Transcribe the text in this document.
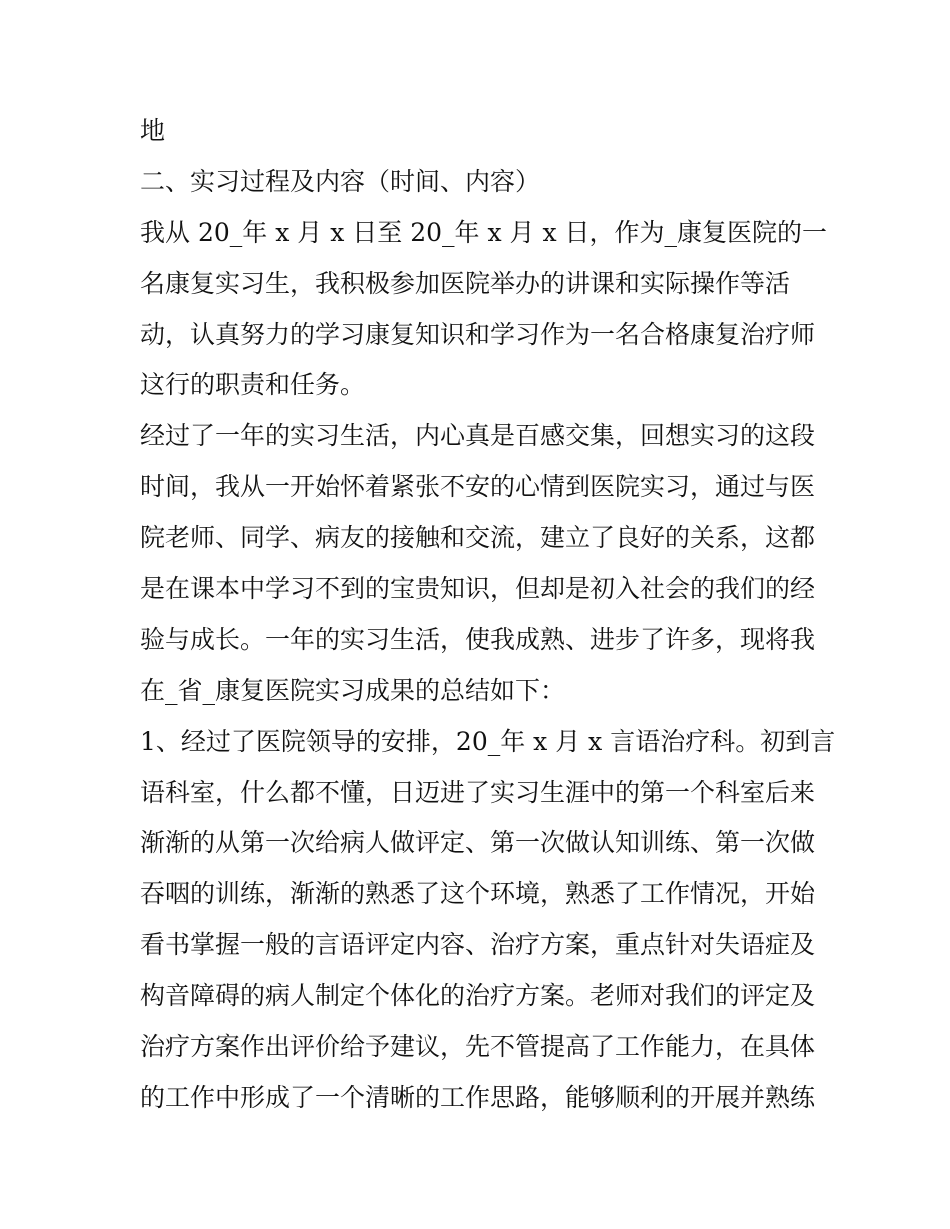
地
二、实习过程及内容（时间、内容）
我从 20_年 x 月 x 日至 20_年 x 月 x 日，作为_康复医院的一
名康复实习生，我积极参加医院举办的讲课和实际操作等活
动，认真努力的学习康复知识和学习作为一名合格康复治疗师
这行的职责和任务。
经过了一年的实习生活，内心真是百感交集，回想实习的这段
时间，我从一开始怀着紧张不安的心情到医院实习，通过与医
院老师、同学、病友的接触和交流，建立了良好的关系，这都
是在课本中学习不到的宝贵知识，但却是初入社会的我们的经
验与成长。一年的实习生活，使我成熟、进步了许多，现将我
在_省_康复医院实习成果的总结如下：
1、经过了医院领导的安排，20_年 x 月 x 言语治疗科。初到言
语科室，什么都不懂，日迈进了实习生涯中的第一个科室后来
渐渐的从第一次给病人做评定、第一次做认知训练、第一次做
吞咽的训练，渐渐的熟悉了这个环境，熟悉了工作情况，开始
看书掌握一般的言语评定内容、治疗方案，重点针对失语症及
构音障碍的病人制定个体化的治疗方案。老师对我们的评定及
治疗方案作出评价给予建议，先不管提高了工作能力，在具体
的工作中形成了一个清晰的工作思路，能够顺利的开展并熟练
